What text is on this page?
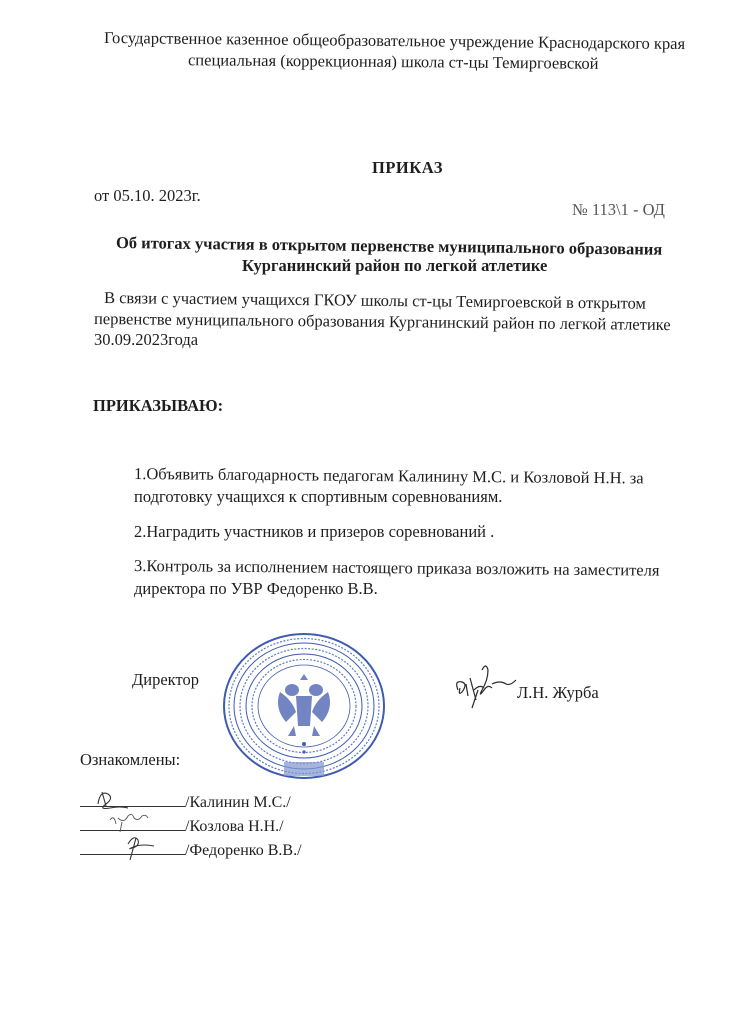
Государственное казенное общеобразовательное учреждение Краснодарского края
специальная (коррекционная) школа ст-цы Темиргоевской
ПРИКАЗ
от 05.10. 2023г.
№ 113\1 - ОД
Об итогах участия в открытом первенстве муниципального образования
Курганинский район по легкой атлетике
В связи с участием учащихся ГКОУ школы ст-цы Темиргоевской в открытом
первенстве муниципального образования Курганинский район по легкой атлетике
30.09.2023года
ПРИКАЗЫВАЮ:
1.Объявить благодарность педагогам Калинину М.С. и Козловой Н.Н. за
подготовку учащихся к спортивным соревнованиям.
2.Наградить участников и призеров соревнований .
3.Контроль за исполнением настоящего приказа возложить на заместителя
директора по УВР Федоренко В.В.
Директор
Л.Н. Журба
Ознакомлены:
/Калинин М.С./
/Козлова Н.Н./
/Федоренко В.В./
